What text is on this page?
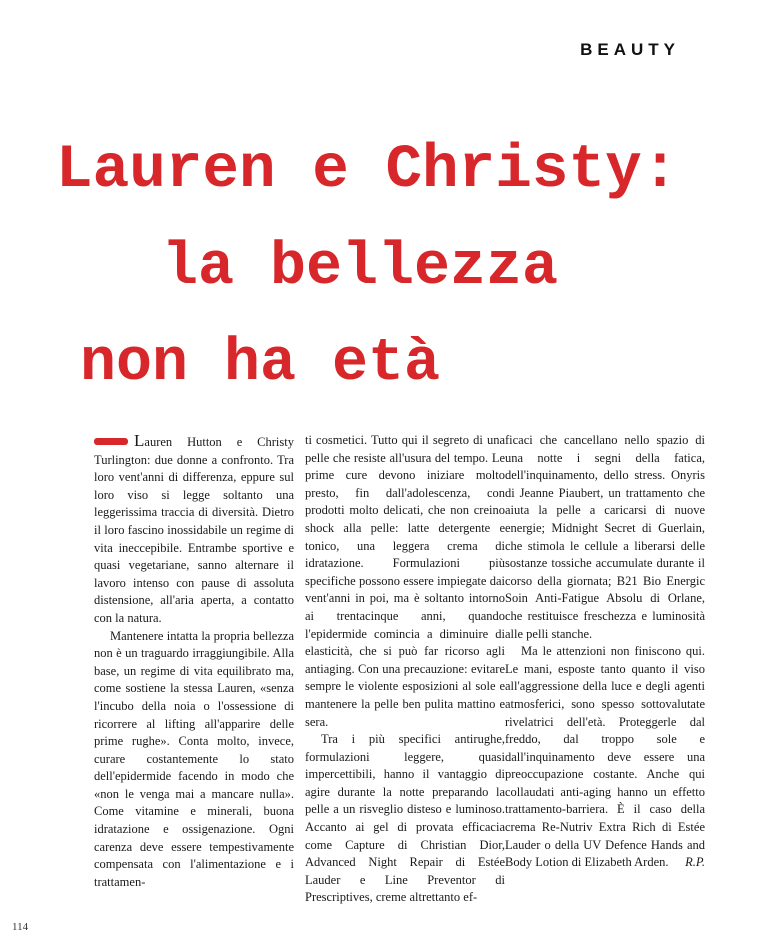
BEAUTY
Lauren e Christy:
la bellezza
non ha età

Lauren Hutton e Christy Turlington: due donne a confronto. Tra loro vent'anni di differenza, eppure sul loro viso si leggе soltanto una leggerissima traccia di diversità. Dietro il loro fascino inossidabile un regime di vita ineccepibile. Entrambe sportive e quasi vegetariane, sanno alternare il lavoro intenso con pause di assoluta distensione, all'aria aperta, a contatto con la natura.

Mantenere intatta la propria bellezza non è un traguardo irraggiungibile. Alla base, un regime di vita equilibrato ma, come sostiene la stessa Lauren, «senza l'incubo della noia o l'ossessione di ricorrere al lifting all'apparire delle prime rughe». Conta molto, invece, curare costantemente lo stato dell'epidermide facendo in modo che «non le venga mai a mancare nulla». Come vitamine e minerali, buona idratazione e ossigenazione. Ogni carenza deve essere tempestivamente compensata con l'alimentazione e i trattamen-

ti cosmetici. Tutto qui il segreto di una pelle che resiste all'usura del tempo. Le prime cure devono iniziare molto presto, fin dall'adolescenza, con prodotti molto delicati, che non creino shock alla pelle: latte detergente e tonico, una leggera crema di idratazione. Formulazioni più specifiche possono essere impiegate dai vent'anni in poi, ma è soltanto intorno ai trentacinque anni, quando l'epidermide comincia a diminuire di elasticità, che si può far ricorso agli antiaging. Con una precauzione: evitare sempre le violente esposizioni al sole e mantenere la pelle ben pulita mattino e sera.

Tra i più specifici antirughe, formulazioni leggere, quasi impercettibili, hanno il vantaggio di agire durante la notte preparando la pelle a un risveglio disteso e luminoso. Accanto ai gel di provata efficacia come Capture di Christian Dior, Advanced Night Repair di Estée Lauder e Line Preventor di Prescriptives, creme altrettanto ef-

ficaci che cancellano nello spazio di una notte i segni della fatica, dell'inquinamento, dello stress. Onyris di Jeanne Piaubert, un trattamento che aiuta la pelle a caricarsi di nuove energie; Midnight Secret di Guerlain, che stimola le cellule a liberarsi delle sostanze tossiche accumulate durante il corso della giornata; B21 Bio Energic Soin Anti-Fatigue Absolu di Orlane, che restituisce freschezza e luminosità alle pelli stanche.

Ma le attenzioni non finiscono qui. Le mani, esposte tanto quanto il viso all'aggressione della luce e degli agenti atmosferici, sono spesso sottovalutate rivelatrici dell'età. Proteggerle dal freddo, dal troppo sole e dall'inquinamento deve essere una preoccupazione costante. Anche qui collaudati anti-aging hanno un effetto trattamento-barriera. È il caso della crema Re-Nutriv Extra Rich di Estée Lauder o della UV Defence Hands and Body Lotion di Elizabeth Arden.	R.P.
114
